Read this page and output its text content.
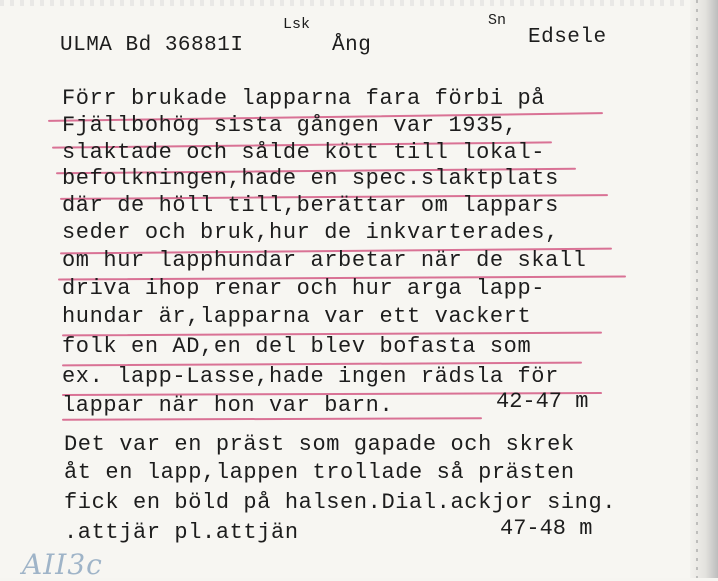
ULMA Bd 36881I
Lsk
Ång
Sn
Edsele
Förr brukade lapparna fara förbi på
Fjällbohög sista gången var 1935,
slaktade och sålde kött till lokal-
befolkningen,hade en spec.slaktplats
där de höll till,berättar om lappars
seder och bruk,hur de inkvarterades,
om hur lapphundar arbetar när de skall
driva ihop renar och hur arga lapp-
hundar är,lapparna var ett vackert
folk en AD,en del blev bofasta som
ex. lapp-Lasse,hade ingen rädsla för
lappar när hon var barn.	42-47 m
Det var en präst som gapade och skrek
åt en lapp,lappen trollade så prästen
fick en böld på halsen.Dial.ackjor sing.
.attjär pl.attjän	47-48 m
AII3c
